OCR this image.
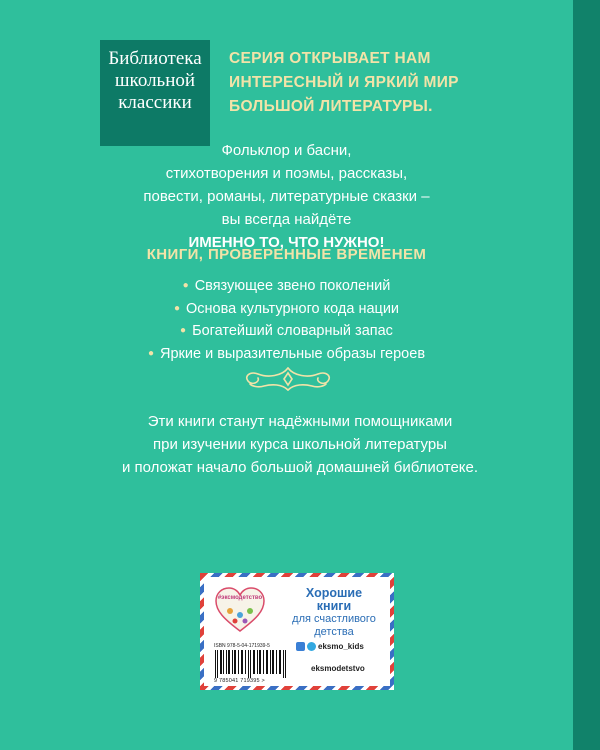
Библиотека
школьной
классики
СЕРИЯ ОТКРЫВАЕТ НАМ
ИНТЕРЕСНЫЙ И ЯРКИЙ МИР
БОЛЬШОЙ ЛИТЕРАТУРЫ.
Фольклор и басни,
стихотворения и поэмы, рассказы,
повести, романы, литературные сказки –
вы всегда найдёте
ИМЕННО ТО, ЧТО НУЖНО!
КНИГИ, ПРОВЕРЕННЫЕ ВРЕМЕНЕМ
● Связующее звено поколений
● Основа культурного кода нации
● Богатейший словарный запас
● Яркие и выразительные образы героев
Эти книги станут надёжными помощниками
при изучении курса школьной литературы
и положат начало большой домашней библиотеке.
#эксмодетство	Хорошие
книги
для счастливого
детства
ISBN 978-5-04-171939-5
9 785041 719395 >
eksmo_kids
eksmodetstvo
